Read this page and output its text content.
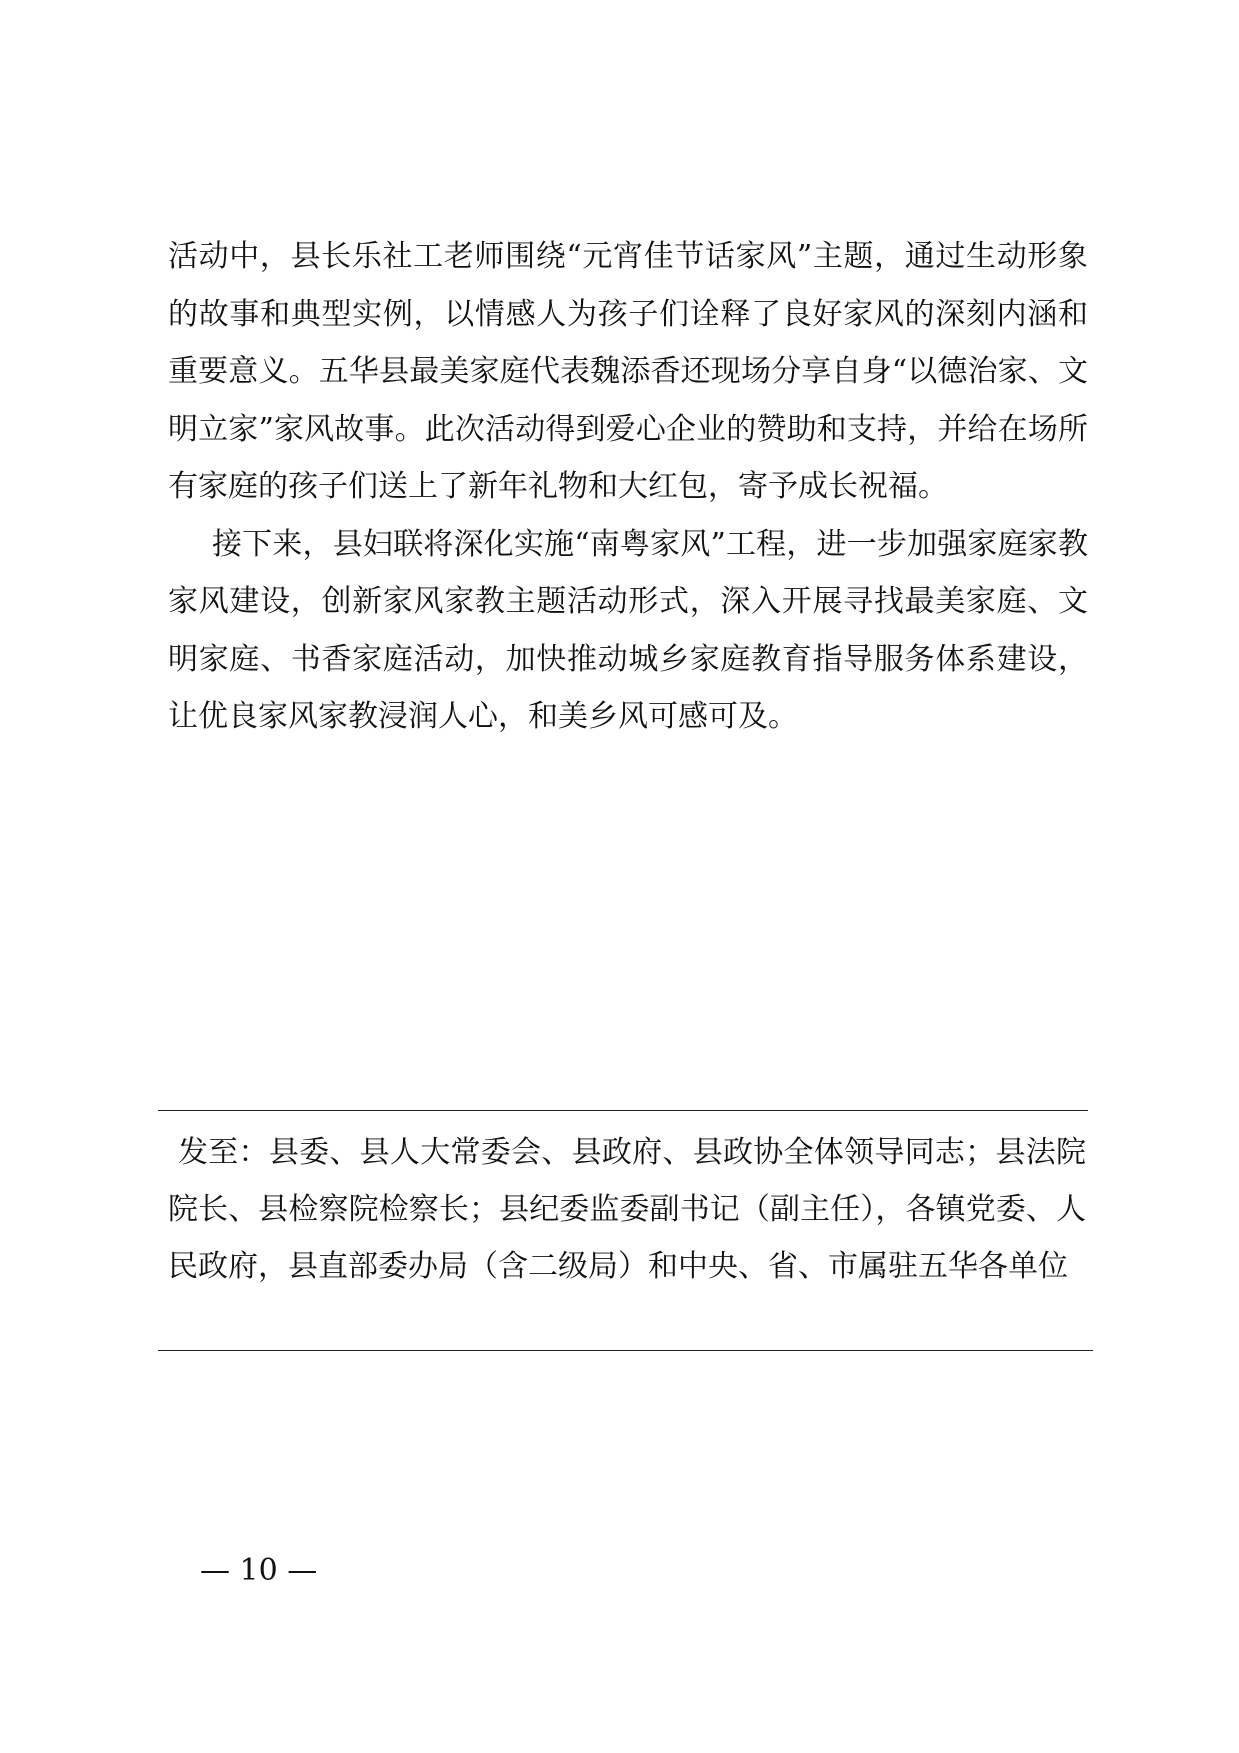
活动中，县长乐社工老师围绕“元宵佳节话家风”主题，通过生动形象的故事和典型实例，以情感人为孩子们诠释了良好家风的深刻内涵和重要意义。五华县最美家庭代表魏添香还现场分享自身“以德治家、文明立家”家风故事。此次活动得到爱心企业的赞助和支持，并给在场所有家庭的孩子们送上了新年礼物和大红包，寄予成长祝福。

接下来，县妇联将深化实施“南粤家风”工程，进一步加强家庭家教家风建设，创新家风家教主题活动形式，深入开展寻找最美家庭、文明家庭、书香家庭活动，加快推动城乡家庭教育指导服务体系建设，让优良家风家教浸润人心，和美乡风可感可及。

发至：县委、县人大常委会、县政府、县政协全体领导同志；县法院院长、县检察院检察长；县纪委监委副书记（副主任），各镇党委、人民政府，县直部委办局（含二级局）和中央、省、市属驻五华各单位

— 10 —
